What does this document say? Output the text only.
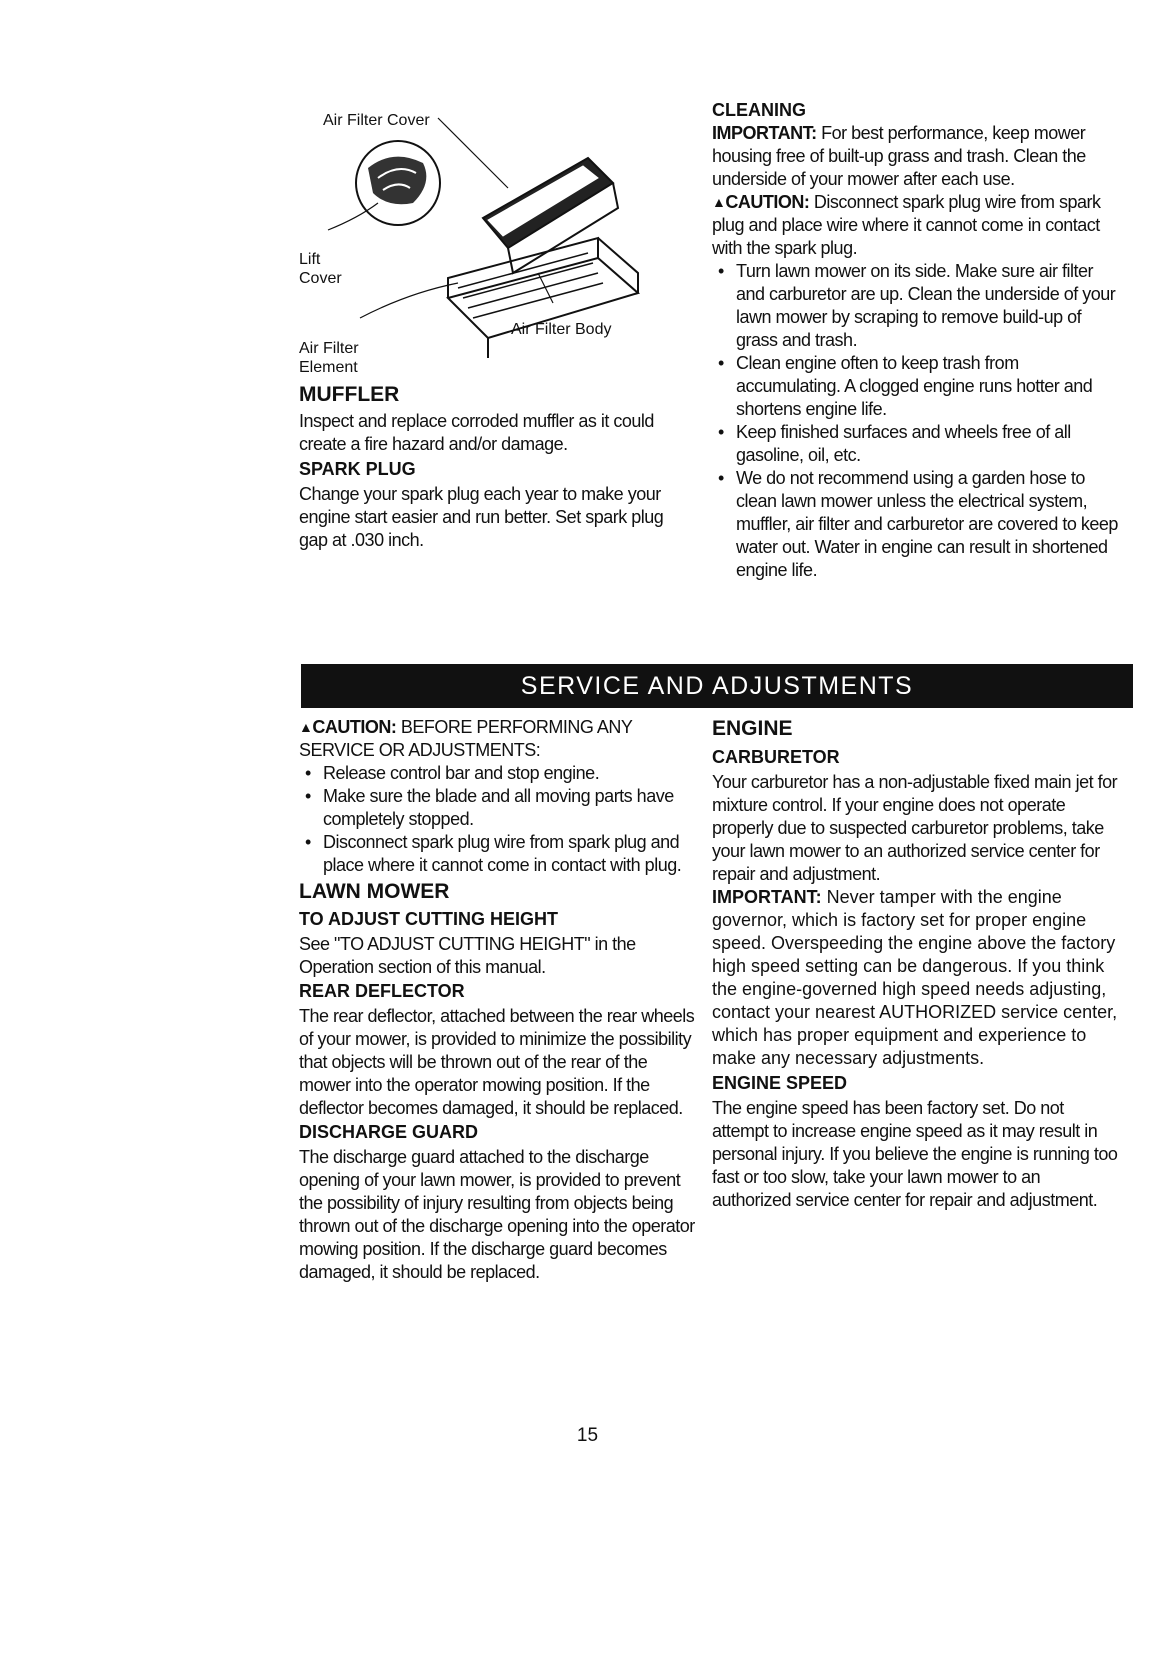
Air Filter Cover

Lift
Cover

Air Filter
Element

Air Filter Body

MUFFLER

Inspect and replace corroded muffler as it could create a fire hazard and/or damage.

SPARK PLUG

Change your spark plug each year to make your engine start easier and run better. Set spark plug gap at .030 inch.

CLEANING

IMPORTANT: For best performance, keep mower housing free of built-up grass and trash. Clean the underside of your mower after each use.

▲CAUTION: Disconnect spark plug wire from spark plug and place wire where it cannot come in contact with the spark plug.

• Turn lawn mower on its side. Make sure air filter and carburetor are up. Clean the underside of your lawn mower by scraping to remove build-up of grass and trash.
• Clean engine often to keep trash from accumulating. A clogged engine runs hotter and shortens engine life.
• Keep finished surfaces and wheels free of all gasoline, oil, etc.
• We do not recommend using a garden hose to clean lawn mower unless the electrical system, muffler, air filter and carburetor are covered to keep water out. Water in engine can result in shortened engine life.
SERVICE AND ADJUSTMENTS

▲CAUTION: BEFORE PERFORMING ANY SERVICE OR ADJUSTMENTS:

• Release control bar and stop engine.
• Make sure the blade and all moving parts have completely stopped.
• Disconnect spark plug wire from spark plug and place where it cannot come in contact with plug.

LAWN MOWER

TO ADJUST CUTTING HEIGHT

See "TO ADJUST CUTTING HEIGHT" in the Operation section of this manual.

REAR DEFLECTOR

The rear deflector, attached between the rear wheels of your mower, is provided to minimize the possibility that objects will be thrown out of the rear of the mower into the operator mowing position. If the deflector becomes damaged, it should be replaced.

DISCHARGE GUARD

The discharge guard attached to the discharge opening of your lawn mower, is provided to prevent the possibility of injury resulting from objects being thrown out of the discharge opening into the operator mowing position. If the discharge guard becomes damaged, it should be replaced.

ENGINE

CARBURETOR

Your carburetor has a non-adjustable fixed main jet for mixture control. If your engine does not operate properly due to suspected carburetor problems, take your lawn mower to an authorized service center for repair and adjustment.

IMPORTANT: Never tamper with the engine governor, which is factory set for proper engine speed. Overspeeding the engine above the factory high speed setting can be dangerous. If you think the engine-governed high speed needs adjusting, contact your nearest AUTHORIZED service center, which has proper equipment and experience to make any necessary adjustments.

ENGINE SPEED

The engine speed has been factory set. Do not attempt to increase engine speed as it may result in personal injury. If you believe the engine is running too fast or too slow, take your lawn mower to an authorized service center for repair and adjustment.

15
